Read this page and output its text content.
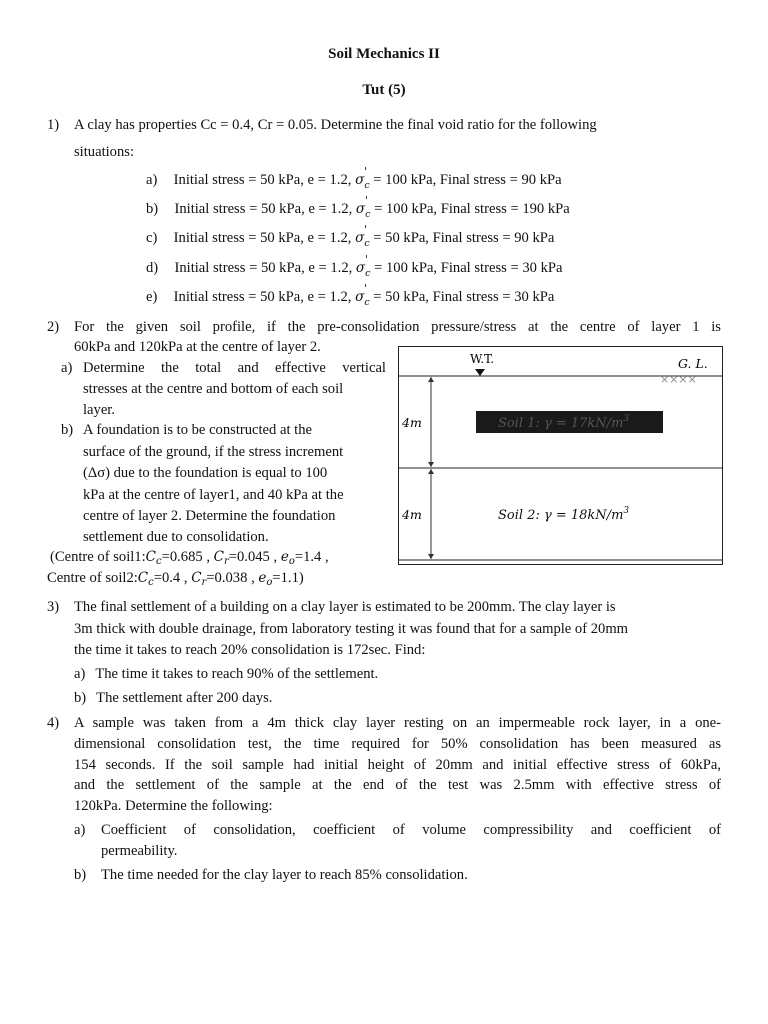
Soil Mechanics II
Tut (5)
1) A clay has properties Cc = 0.4, Cr = 0.05. Determine the final void ratio for the following
situations:
a) Initial stress = 50 kPa, e = 1.2, $\sigma_c$
'
= 100 kPa, Final stress = 90 kPa
b) Initial stress = 50 kPa, e = 1.2, $\sigma_c$
'
= 100 kPa, Final stress = 190 kPa
c) Initial stress = 50 kPa, e = 1.2, $\sigma_c$
'
= 50 kPa, Final stress = 90 kPa
d) Initial stress = 50 kPa, e = 1.2, $\sigma_c$
'
= 100 kPa, Final stress = 30 kPa
e) Initial stress = 50 kPa, e = 1.2, $\sigma_c$
'
= 50 kPa, Final stress = 30 kPa
2) For the given soil profile, if the pre-consolidation pressure/stress at the centre of layer 1 is
60kPa and 120kPa at the centre of layer 2.
a) Determine the total and effective vertical
stresses at the centre and bottom of each soil
layer.
b) A foundation is to be constructed at the
surface of the ground, if the stress increment
(Δσ) due to the foundation is equal to 100
kPa at the centre of layer1, and 40 kPa at the
centre of layer 2. Determine the foundation
settlement due to consolidation.
(Centre of $soil1:C_c=0.685$ , $C_r=0.045$ , $e_o=1.4$ ,
Centre of $soil2:C_c=0.4$ , $C_r=0.038$ , $e_o=1.1$)
W.T.	G. L.
××××
4m
4m
Soil 1: $\gamma = 17kN/m^3$
Soil 2: $\gamma = 18kN/m^3$
3) The final settlement of a building on a clay layer is estimated to be 200mm. The clay layer is
3m thick with double drainage, from laboratory testing it was found that for a sample of 20mm
the time it takes to reach 20% consolidation is 172sec. Find:
a) The time it takes to reach 90% of the settlement.
b) The settlement after 200 days.
4) A sample was taken from a 4m thick clay layer resting on an impermeable rock layer, in a one-
dimensional consolidation test, the time required for 50% consolidation has been measured as
154 seconds. If the soil sample had initial height of 20mm and initial effective stress of 60kPa,
and the settlement of the sample at the end of the test was 2.5mm with effective stress of
120kPa. Determine the following:
a) Coefficient of consolidation, coefficient of volume compressibility and coefficient of
permeability.
b) The time needed for the clay layer to reach 85% consolidation.
